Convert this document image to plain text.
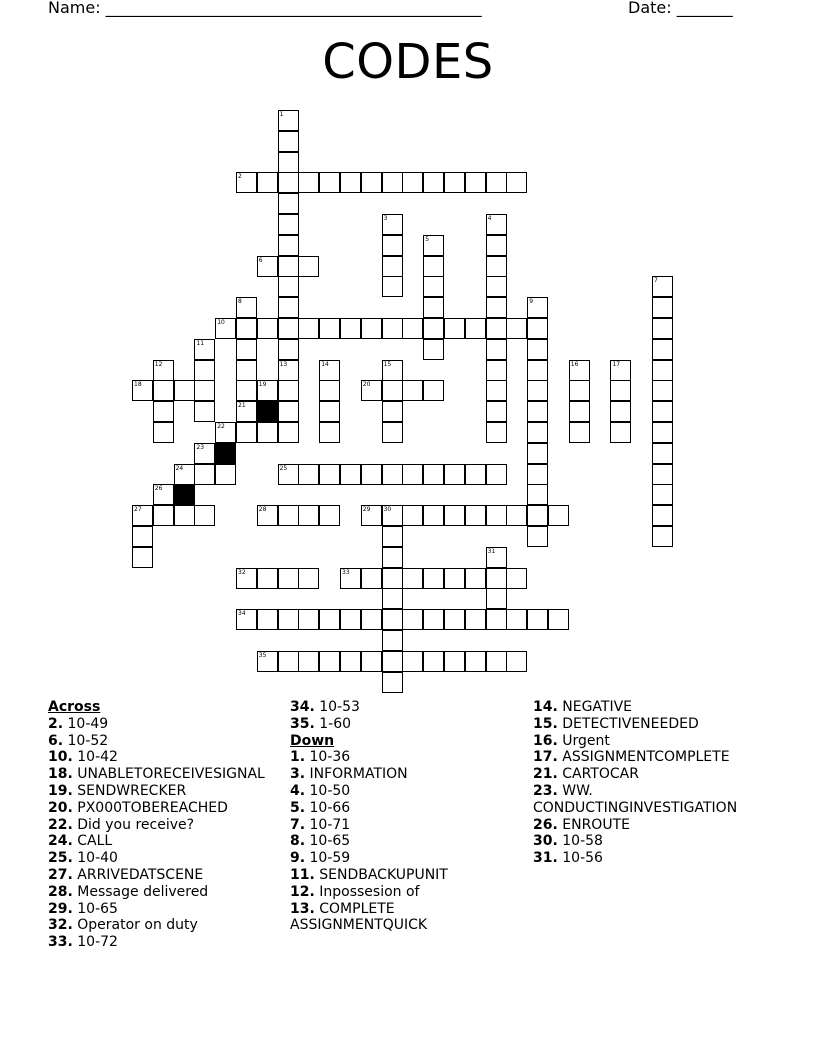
Name: _______________________________________________	Date: _______
CODES
2
6
10
18	19	20
22
24	25
27	28	29 30
32	33
34
35
1
3	4
5
7
8	9
11
12	13	14	15	16	17
21
23
26
31
Across
2. 10-49
6. 10-52
10. 10-42
18. UNABLETORECEIVESIGNAL
19. SENDWRECKER
20. PX000TOBEREACHED
22. Did you receive?
24. CALL
25. 10-40
27. ARRIVEDATSCENE
28. Message delivered
29. 10-65
32. Operator on duty
33. 10-72
34. 10-53
35. 1-60
Down
1. 10-36
3. INFORMATION
4. 10-50
5. 10-66
7. 10-71
8. 10-65
9. 10-59
11. SENDBACKUPUNIT
12. Inpossesion of
13. COMPLETE ASSIGNMENTQUICK
14. NEGATIVE
15. DETECTIVENEEDED
16. Urgent
17. ASSIGNMENTCOMPLETE
21. CARTOCAR
23. WW. CONDUCTINGINVESTIGATION
26. ENROUTE
30. 10-58
31. 10-56
